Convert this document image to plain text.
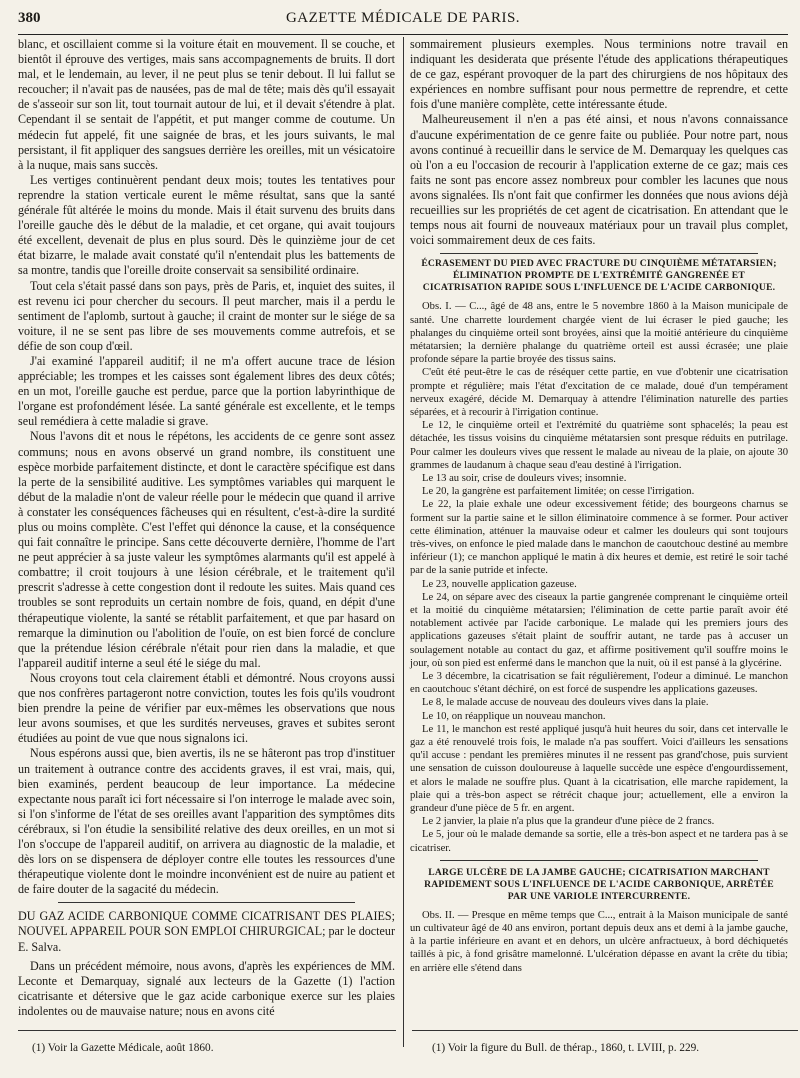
380	GAZETTE MÉDICALE DE PARIS.

blanc, et oscillaient comme si la voiture était en mouvement. Il se couche, et bientôt il éprouve des vertiges, mais sans accompagnements de bruits. Il dort mal, et le lendemain, au lever, il ne peut plus se tenir debout. Il lui fallut se recoucher; il n'avait pas de nausées, pas de mal de tête; mais dès qu'il essayait de s'asseoir sur son lit, tout tournait autour de lui, et il devait s'étendre à plat. Cependant il se sentait de l'appétit, et put manger comme de coutume. Un médecin fut appelé, fit une saignée de bras, et les jours suivants, le mal persistant, il fit appliquer des sangsues derrière les oreilles, mit un vésicatoire à la nuque, mais sans succès.

Les vertiges continuèrent pendant deux mois; toutes les tentatives pour reprendre la station verticale eurent le même résultat, sans que la santé générale fût altérée le moins du monde. Mais il était survenu des bruits dans l'oreille gauche dès le début de la maladie, et cet organe, qui avait toujours été excellent, devenait de plus en plus sourd. Dès le quinzième jour de cet état bizarre, le malade avait constaté qu'il n'entendait plus les battements de sa montre, tandis que l'oreille droite conservait sa sensibilité ordinaire.

Tout cela s'était passé dans son pays, près de Paris, et, inquiet des suites, il est revenu ici pour chercher du secours. Il peut marcher, mais il a perdu le sentiment de l'aplomb, surtout à gauche; il craint de monter sur le siége de sa voiture, il ne se sent pas libre de ses mouvements comme autrefois, et se défie de son coup d'œil.

J'ai examiné l'appareil auditif; il ne m'a offert aucune trace de lésion appréciable; les trompes et les caisses sont également libres des deux côtés; en un mot, l'oreille gauche est perdue, parce que la portion labyrinthique de l'organe est profondément lésée. La santé générale est excellente, et le temps seul remédiera à cette maladie si grave.

Nous l'avons dit et nous le répétons, les accidents de ce genre sont assez communs; nous en avons observé un grand nombre, ils constituent une espèce morbide parfaitement distincte, et dont le caractère spécifique est dans la perte de la sensibilité auditive. Les symptômes variables qui marquent le début de la maladie n'ont de valeur réelle pour le médecin que quand il arrive à constater les conséquences fâcheuses qui en résultent, c'est-à-dire la surdité plus ou moins complète. C'est l'effet qui dénonce la cause, et la conséquence qui fait connaître le principe. Sans cette découverte dernière, l'homme de l'art ne peut apprécier à sa juste valeur les symptômes alarmants qu'il est appelé à combattre; il croit toujours à une lésion cérébrale, et le traitement qu'il prescrit s'adresse à cette congestion dont il redoute les suites. Mais quand ces troubles se sont reproduits un certain nombre de fois, quand, en dépit d'une thérapeutique violente, la santé se rétablit parfaitement, et que par hasard on remarque la diminution ou l'abolition de l'ouïe, on est bien forcé de conclure que la prétendue lésion cérébrale n'était pour rien dans la maladie, et que l'appareil auditif interne a seul été le siége du mal.

Nous croyons tout cela clairement établi et démontré. Nous croyons aussi que nos confrères partageront notre conviction, toutes les fois qu'ils voudront bien prendre la peine de vérifier par eux-mêmes les observations que nous leur avons soumises, et que les surdités nerveuses, graves et subites seront étudiées au point de vue que nous signalons ici.

Nous espérons aussi que, bien avertis, ils ne se hâteront pas trop d'instituer un traitement à outrance contre des accidents graves, il est vrai, mais, qui, bien examinés, perdent beaucoup de leur importance. La médecine expectante nous paraît ici fort nécessaire si l'on interroge le malade avec soin, si l'on s'informe de l'état de ses oreilles avant l'apparition des symptômes dits cérébraux, si l'on étudie la sensibilité relative des deux oreilles, en un mot si l'on s'occupe de l'appareil auditif, on arrivera au diagnostic de la maladie, et dès lors on se dispensera de déployer contre elle toutes les ressources d'une thérapeutique violente dont le moindre inconvénient est de nuire au patient et de faire douter de la sagacité du médecin.

DU GAZ ACIDE CARBONIQUE COMME CICATRISANT DES PLAIES; NOUVEL APPAREIL POUR SON EMPLOI CHIRURGICAL; par le docteur E. Salva.

Dans un précédent mémoire, nous avons, d'après les expériences de MM. Leconte et Demarquay, signalé aux lecteurs de la Gazette (1) l'action cicatrisante et détersive que le gaz acide carbonique exerce sur les plaies indolentes ou de mauvaise nature; nous en avons cité

sommairement plusieurs exemples. Nous terminions notre travail en indiquant les desiderata que présente l'étude des applications thérapeutiques de ce gaz, espérant provoquer de la part des chirurgiens de nos hôpitaux des expériences en nombre suffisant pour nous permettre de reprendre, et cette fois d'une manière complète, cette intéressante étude.

Malheureusement il n'en a pas été ainsi, et nous n'avons connaissance d'aucune expérimentation de ce genre faite ou publiée. Pour notre part, nous avons continué à recueillir dans le service de M. Demarquay les quelques cas où l'on a eu l'occasion de recourir à l'application externe de ce gaz; mais ces faits ne sont pas encore assez nombreux pour combler les lacunes que nous avons signalées. Ils n'ont fait que confirmer les données que nous avions déjà recueillies sur les propriétés de cet agent de cicatrisation. En attendant que le temps nous ait fourni de nouveaux matériaux pour un travail plus complet, voici sommairement deux de ces faits.

ÉCRASEMENT DU PIED AVEC FRACTURE DU CINQUIÈME MÉTATARSIEN; ÉLIMINATION PROMPTE DE L'EXTRÉMITÉ GANGRENÉE ET CICATRISATION RAPIDE SOUS L'INFLUENCE DE L'ACIDE CARBONIQUE.

Obs. I. — C..., âgé de 48 ans, entre le 5 novembre 1860 à la Maison municipale de santé. Une charrette lourdement chargée vient de lui écraser le pied gauche; les phalanges du cinquième orteil sont broyées, ainsi que la moitié antérieure du cinquième métatarsien; la dernière phalange du quatrième orteil est aussi écrasée; une plaie profonde sépare la partie broyée des tissus sains.

C'eût été peut-être le cas de réséquer cette partie, en vue d'obtenir une cicatrisation prompte et régulière; mais l'état d'excitation de ce malade, doué d'un tempérament nerveux exagéré, décide M. Demarquay à attendre l'élimination naturelle des parties séparées, et à recourir à l'irrigation continue.

Le 12, le cinquième orteil et l'extrémité du quatrième sont sphacelés; la peau est détachée, les tissus voisins du cinquième métatarsien sont presque réduits en putrilage. Pour calmer les douleurs vives que ressent le malade au niveau de la plaie, on ajoute 30 grammes de laudanum à chaque seau d'eau destiné à l'irrigation.

Le 13 au soir, crise de douleurs vives; insomnie.

Le 20, la gangrène est parfaitement limitée; on cesse l'irrigation.

Le 22, la plaie exhale une odeur excessivement fétide; des bourgeons charnus se forment sur la partie saine et le sillon éliminatoire commence à se former. Pour activer cette élimination, atténuer la mauvaise odeur et calmer les douleurs qui sont toujours très-vives, on enfonce le pied malade dans le manchon de caoutchouc destiné au membre inférieur (1); ce manchon appliqué le matin à dix heures et demie, est retiré le soir taché par de la sanie putride et infecte.

Le 23, nouvelle application gazeuse.

Le 24, on sépare avec des ciseaux la partie gangrenée comprenant le cinquième orteil et la moitié du cinquième métatarsien; l'élimination de cette partie paraît avoir été notablement activée par l'acide carbonique. Le malade qui les premiers jours des applications gazeuses s'était plaint de souffrir autant, ne tarde pas à accuser un soulagement notable au contact du gaz, et affirme positivement qu'il souffre moins le jour, où son pied est enfermé dans le manchon que la nuit, où il est pansé à la glycérine.

Le 3 décembre, la cicatrisation se fait régulièrement, l'odeur a diminué. Le manchon en caoutchouc s'étant déchiré, on est forcé de suspendre les applications gazeuses.

Le 8, le malade accuse de nouveau des douleurs vives dans la plaie.

Le 10, on réapplique un nouveau manchon.

Le 11, le manchon est resté appliqué jusqu'à huit heures du soir, dans cet intervalle le gaz a été renouvelé trois fois, le malade n'a pas souffert. Voici d'ailleurs les sensations qu'il accuse : pendant les premières minutes il ne ressent pas grand'chose, puis survient une sensation de cuisson douloureuse à laquelle succède une espèce d'engourdissement, et alors le malade ne souffre plus. Quant à la cicatrisation, elle marche rapidement, la plaie qui a très-bon aspect se rétrécit chaque jour; actuellement, elle a environ la grandeur d'une pièce de 5 fr. en argent.

Le 2 janvier, la plaie n'a plus que la grandeur d'une pièce de 2 francs.

Le 5, jour où le malade demande sa sortie, elle a très-bon aspect et ne tardera pas à se cicatriser.

LARGE ULCÈRE DE LA JAMBE GAUCHE; CICATRISATION MARCHANT RAPIDEMENT SOUS L'INFLUENCE DE L'ACIDE CARBONIQUE, ARRÊTÉE PAR UNE VARIOLE INTERCURRENTE.

Obs. II. — Presque en même temps que C..., entrait à la Maison municipale de santé un cultivateur âgé de 40 ans environ, portant depuis deux ans et demi à la jambe gauche, à la partie inférieure en avant et en dehors, un ulcère anfractueux, à bord déchiquetés taillés à pic, à fond grisâtre mamelonné. L'ulcération dépasse en avant la crête du tibia; en arrière elle s'étend dans

(1) Voir la Gazette Médicale, août 1860.	(1) Voir la figure du Bull. de thérap., 1860, t. LVIII, p. 229.
